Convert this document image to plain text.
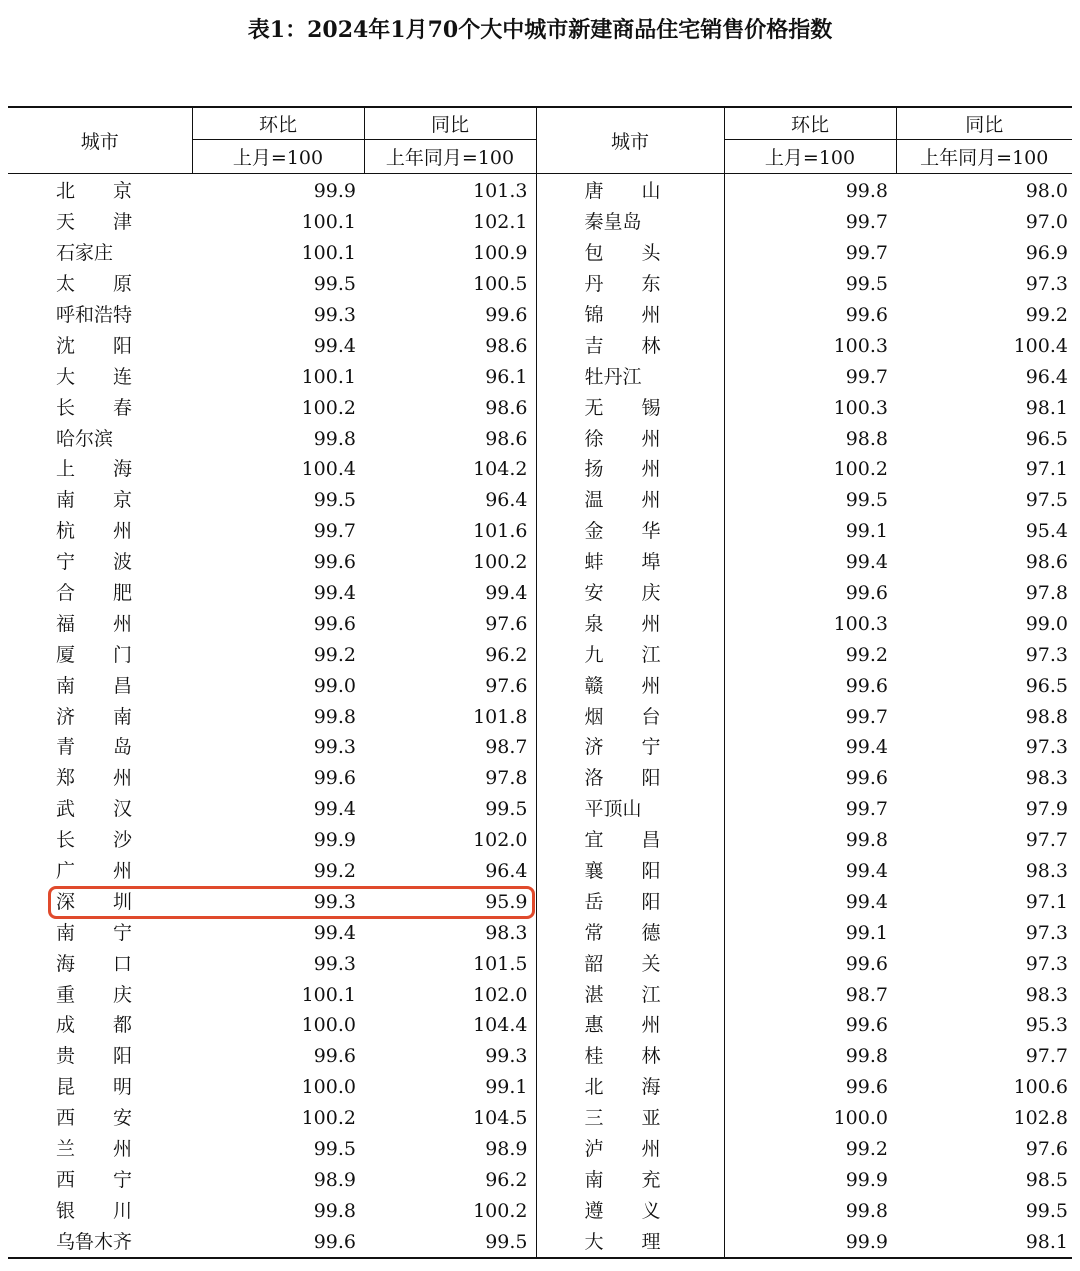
表1：2024年1月70个大中城市新建商品住宅销售价格指数
城市	环比	同比	城市	环比	同比
	上月=100	上年同月=100		上月=100	上年同月=100
北　　京	99.9	101.3	唐　　山	99.8	98.0
天　　津	100.1	102.1	秦皇岛	99.7	97.0
石家庄	100.1	100.9	包　　头	99.7	96.9
太　　原	99.5	100.5	丹　　东	99.5	97.3
呼和浩特	99.3	99.6	锦　　州	99.6	99.2
沈　　阳	99.4	98.6	吉　　林	100.3	100.4
大　　连	100.1	96.1	牡丹江	99.7	96.4
长　　春	100.2	98.6	无　　锡	100.3	98.1
哈尔滨	99.8	98.6	徐　　州	98.8	96.5
上　　海	100.4	104.2	扬　　州	100.2	97.1
南　　京	99.5	96.4	温　　州	99.5	97.5
杭　　州	99.7	101.6	金　　华	99.1	95.4
宁　　波	99.6	100.2	蚌　　埠	99.4	98.6
合　　肥	99.4	99.4	安　　庆	99.6	97.8
福　　州	99.6	97.6	泉　　州	100.3	99.0
厦　　门	99.2	96.2	九　　江	99.2	97.3
南　　昌	99.0	97.6	赣　　州	99.6	96.5
济　　南	99.8	101.8	烟　　台	99.7	98.8
青　　岛	99.3	98.7	济　　宁	99.4	97.3
郑　　州	99.6	97.8	洛　　阳	99.6	98.3
武　　汉	99.4	99.5	平顶山	99.7	97.9
长　　沙	99.9	102.0	宜　　昌	99.8	97.7
广　　州	99.2	96.4	襄　　阳	99.4	98.3
深　　圳	99.3	95.9	岳　　阳	99.4	97.1
南　　宁	99.4	98.3	常　　德	99.1	97.3
海　　口	99.3	101.5	韶　　关	99.6	97.3
重　　庆	100.1	102.0	湛　　江	98.7	98.3
成　　都	100.0	104.4	惠　　州	99.6	95.3
贵　　阳	99.6	99.3	桂　　林	99.8	97.7
昆　　明	100.0	99.1	北　　海	99.6	100.6
西　　安	100.2	104.5	三　　亚	100.0	102.8
兰　　州	99.5	98.9	泸　　州	99.2	97.6
西　　宁	98.9	96.2	南　　充	99.9	98.5
银　　川	99.8	100.2	遵　　义	99.8	99.5
乌鲁木齐	99.6	99.5	大　　理	99.9	98.1
